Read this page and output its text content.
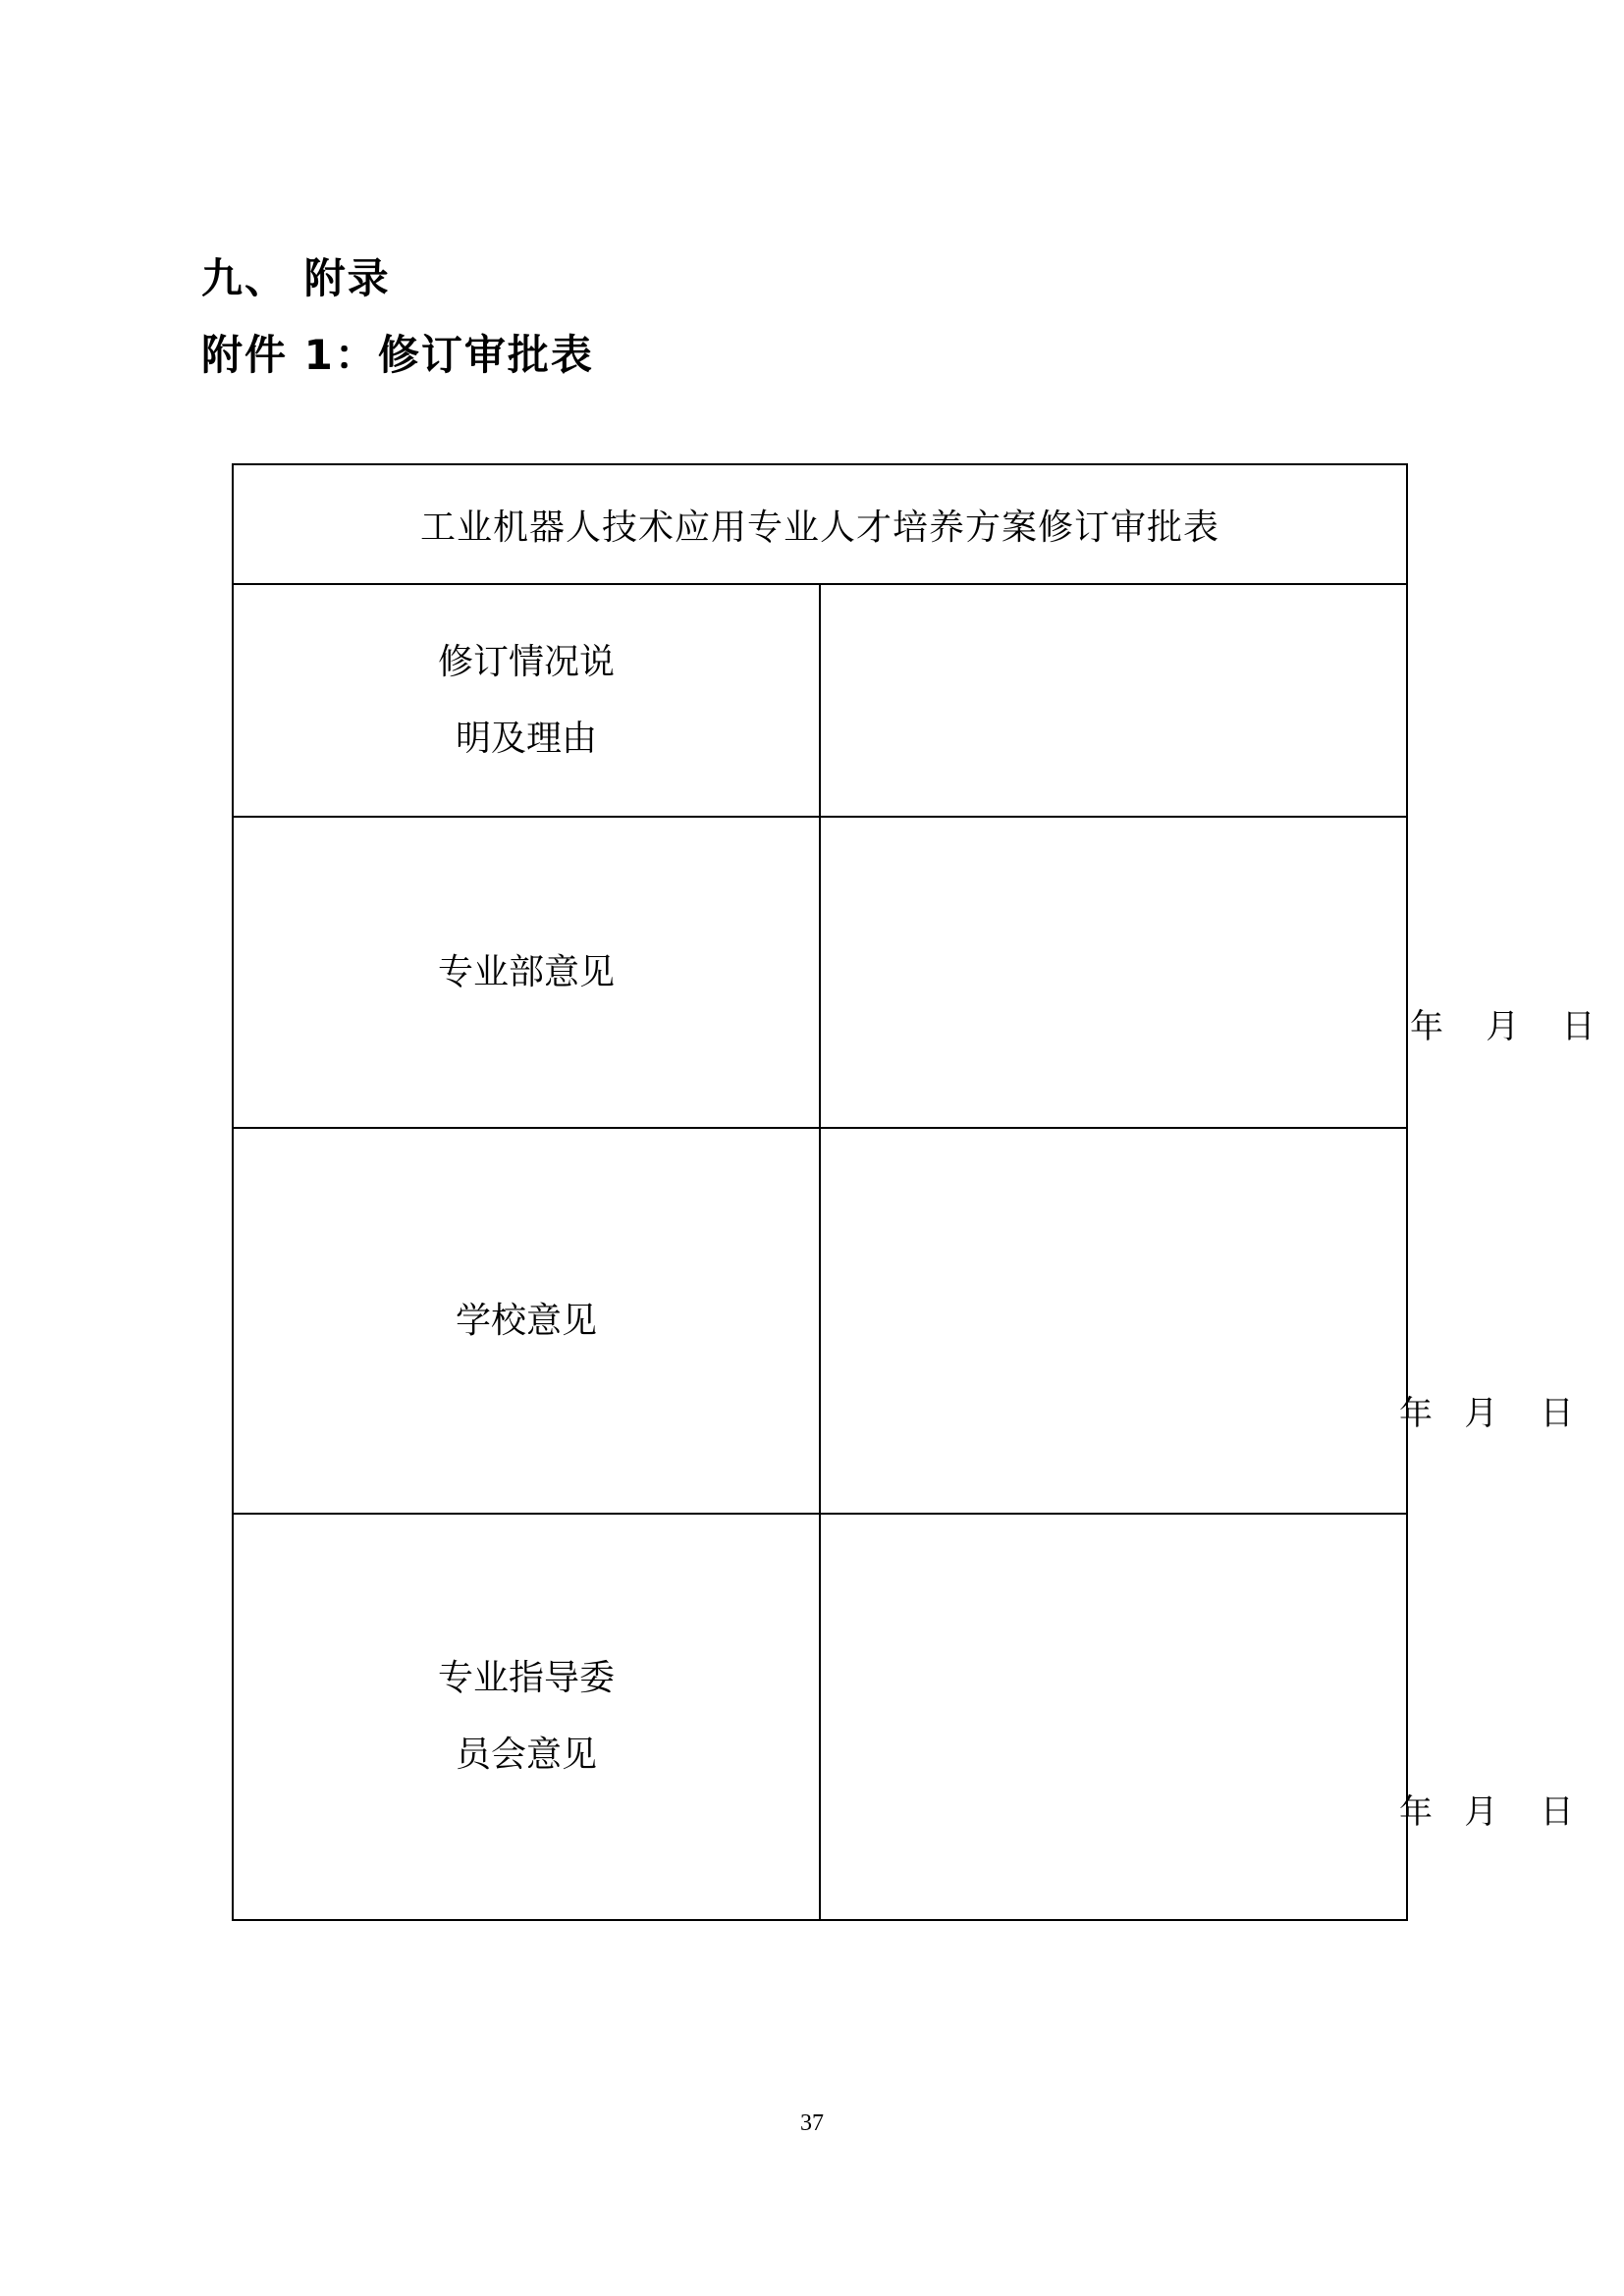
九、 附录
附件 1：修订审批表
工业机器人技术应用专业人才培养方案修订审批表	

修订情况说
明及理由	

专业部意见	年    月    日

学校意见	年   月    日

专业指导委
员会意见	年   月    日
37
